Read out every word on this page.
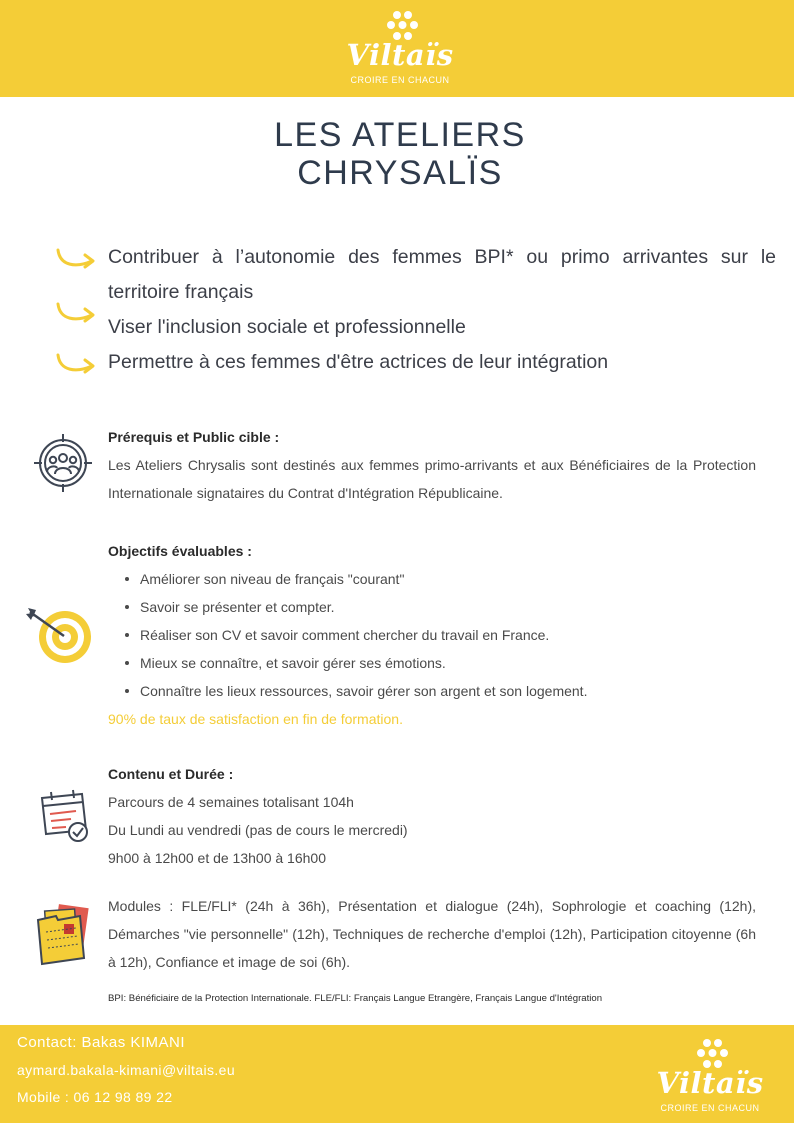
Viltaïs
CROIRE EN CHACUN
LES ATELIERS
CHRYSALÏS
Contribuer à l’autonomie des femmes BPI* ou primo arrivantes sur le territoire français
Viser l'inclusion sociale et professionnelle
Permettre à ces femmes d'être actrices de leur intégration
Prérequis et Public cible :
Les Ateliers Chrysalis sont destinés aux femmes primo-arrivants et aux Bénéficiaires de la Protection Internationale signataires du Contrat d'Intégration Républicaine.
Objectifs évaluables :
Améliorer son niveau de français "courant"
Savoir se présenter et compter.
Réaliser son CV et savoir comment chercher du travail en France.
Mieux se connaître, et savoir gérer ses émotions.
Connaître les lieux ressources, savoir gérer son argent et son logement.
90% de taux de satisfaction en fin de formation.
Contenu et Durée :
Parcours de 4 semaines totalisant 104h
Du Lundi au vendredi (pas de cours le mercredi)
9h00 à 12h00 et de 13h00 à 16h00
Modules : FLE/FLI* (24h à 36h), Présentation et dialogue (24h), Sophrologie et coaching (12h), Démarches "vie personnelle" (12h), Techniques de recherche d'emploi (12h), Participation citoyenne (6h à 12h), Confiance et image de soi (6h).
BPI: Bénéficiaire de la Protection Internationale. FLE/FLI: Français Langue Etrangère, Français Langue d'Intégration
Contact: Bakas KIMANI
aymard.bakala-kimani@viltais.eu
Mobile : 06 12 98 89 22	Viltaïs
CROIRE EN CHACUN
